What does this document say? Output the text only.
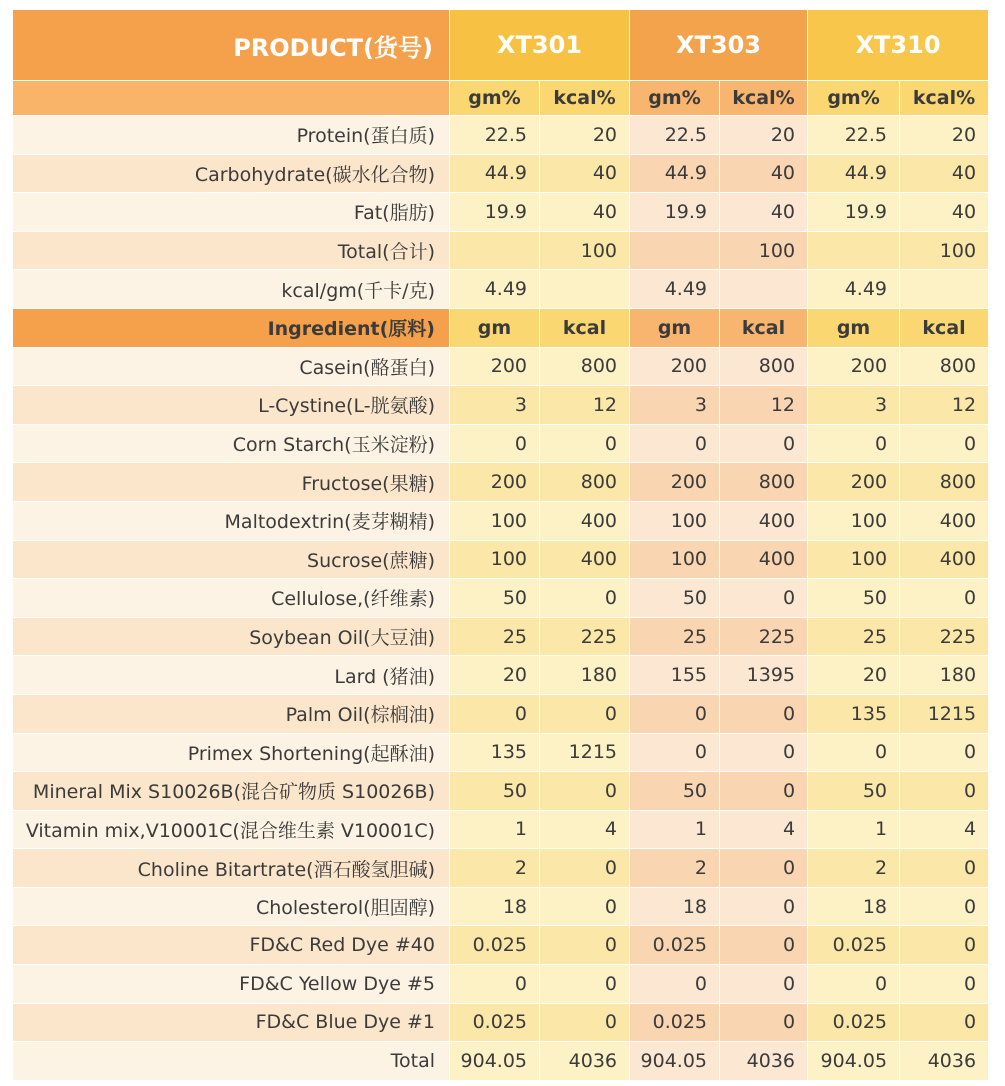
PRODUCT(货号)	XT301		XT303		XT310	
	gm%	kcal%	gm%	kcal%	gm%	kcal%
Protein(蛋白质)	22.5	20	22.5	20	22.5	20
Carbohydrate(碳水化合物)	44.9	40	44.9	40	44.9	40
Fat(脂肪)	19.9	40	19.9	40	19.9	40
Total(合计)		100		100		100
kcal/gm(千卡/克)	4.49		4.49		4.49	
Ingredient(原料)	gm	kcal	gm	kcal	gm	kcal
Casein(酪蛋白)	200	800	200	800	200	800
L-Cystine(L-胱氨酸)	3	12	3	12	3	12
Corn Starch(玉米淀粉)	0	0	0	0	0	0
Fructose(果糖)	200	800	200	800	200	800
Maltodextrin(麦芽糊精)	100	400	100	400	100	400
Sucrose(蔗糖)	100	400	100	400	100	400
Cellulose,(纤维素)	50	0	50	0	50	0
Soybean Oil(大豆油)	25	225	25	225	25	225
Lard (猪油)	20	180	155	1395	20	180
Palm Oil(棕榈油)	0	0	0	0	135	1215
Primex Shortening(起酥油)	135	1215	0	0	0	0
Mineral Mix S10026B(混合矿物质 S10026B)	50	0	50	0	50	0
Vitamin mix,V10001C(混合维生素 V10001C)	1	4	1	4	1	4
Choline Bitartrate(酒石酸氢胆碱)	2	0	2	0	2	0
Cholesterol(胆固醇)	18	0	18	0	18	0
FD&C Red Dye #40	0.025	0	0.025	0	0.025	0
FD&C Yellow Dye #5	0	0	0	0	0	0
FD&C Blue Dye #1	0.025	0	0.025	0	0.025	0
Total	904.05	4036	904.05	4036	904.05	4036
